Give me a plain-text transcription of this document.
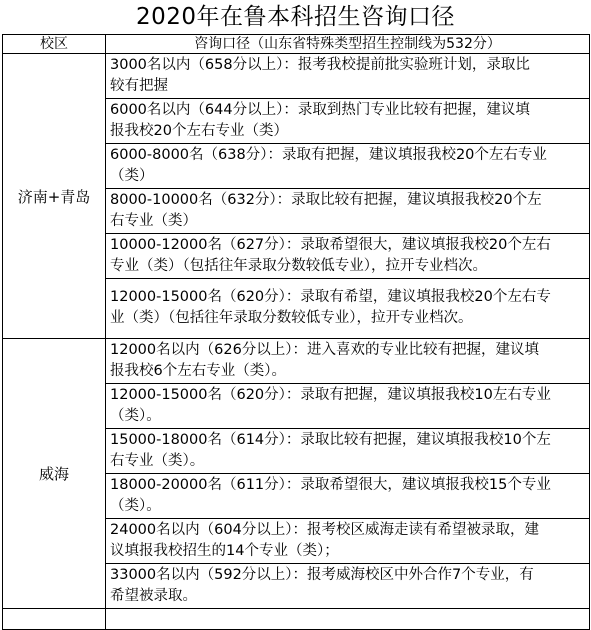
2020年在鲁本科招生咨询口径
校区	咨询口径（山东省特殊类型招生控制线为532分）
济南+青岛	3000名以内（658分以上）：报考我校提前批实验班计划，录取比
较有把握
	6000名以内（644分以上）：录取到热门专业比较有把握，建议填
报我校20个左右专业（类）
	6000-8000名（638分）：录取有把握，建议填报我校20个左右专业
（类）
	8000-10000名（632分）：录取比较有把握，建议填报我校20个左
右专业（类）
	10000-12000名（627分）：录取希望很大，建议填报我校20个左右
专业（类）（包括往年录取分数较低专业），拉开专业档次。
	12000-15000名（620分）：录取有希望，建议填报我校20个左右专
业（类）（包括往年录取分数较低专业），拉开专业档次。
威海	12000名以内（626分以上）：进入喜欢的专业比较有把握，建议填
报我校6个左右专业（类）。
	12000-15000名（620分）：录取有把握，建议填报我校10左右专业
（类）。
	15000-18000名（614分）：录取比较有把握，建议填报我校10个左
右专业（类）。
	18000-20000名（611分）：录取希望很大，建议填报我校15个专业
（类）。
	24000名以内（604分以上）：报考校区威海走读有希望被录取，建
议填报我校招生的14个专业（类）；
	33000名以内（592分以上）：报考威海校区中外合作7个专业，有
希望被录取。
